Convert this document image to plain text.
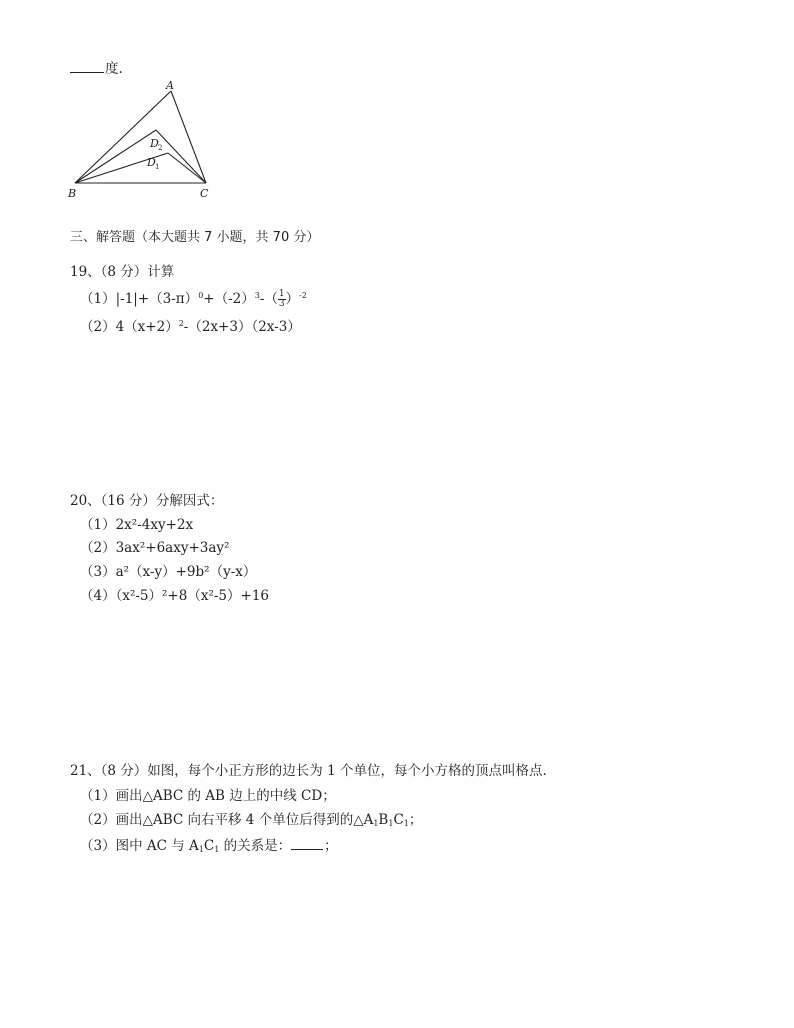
度.
A
B	C
D 2
D 1
三、解答题（本大题共 7 小题，共 70 分）
19、（8 分）计算
$(1)|-1|+(3-\pi)^0+(-2)^3-( \frac{1}{3} )^{-2}$
$(2)4(x+2)^2-(2x+3)(2x-3)$
20、（16 分）分解因式：
（1）2x²-4xy+2x
（2）3ax²+6axy+3ay²
（3）a²（x-y）+9b²（y-x）
（4）（x²-5）²+8（x²-5）+16
21、（8 分）如图，每个小正方形的边长为 1 个单位，每个小方格的顶点叫格点.
（1）画出△ABC 的 AB 边上的中线 CD；
（2）画出△ABC 向右平移 4 个单位后得到的$\triangle A_1B_1C_1$；
（3）图中 AC 与 $A_1C_1$ 的关系是： ；
